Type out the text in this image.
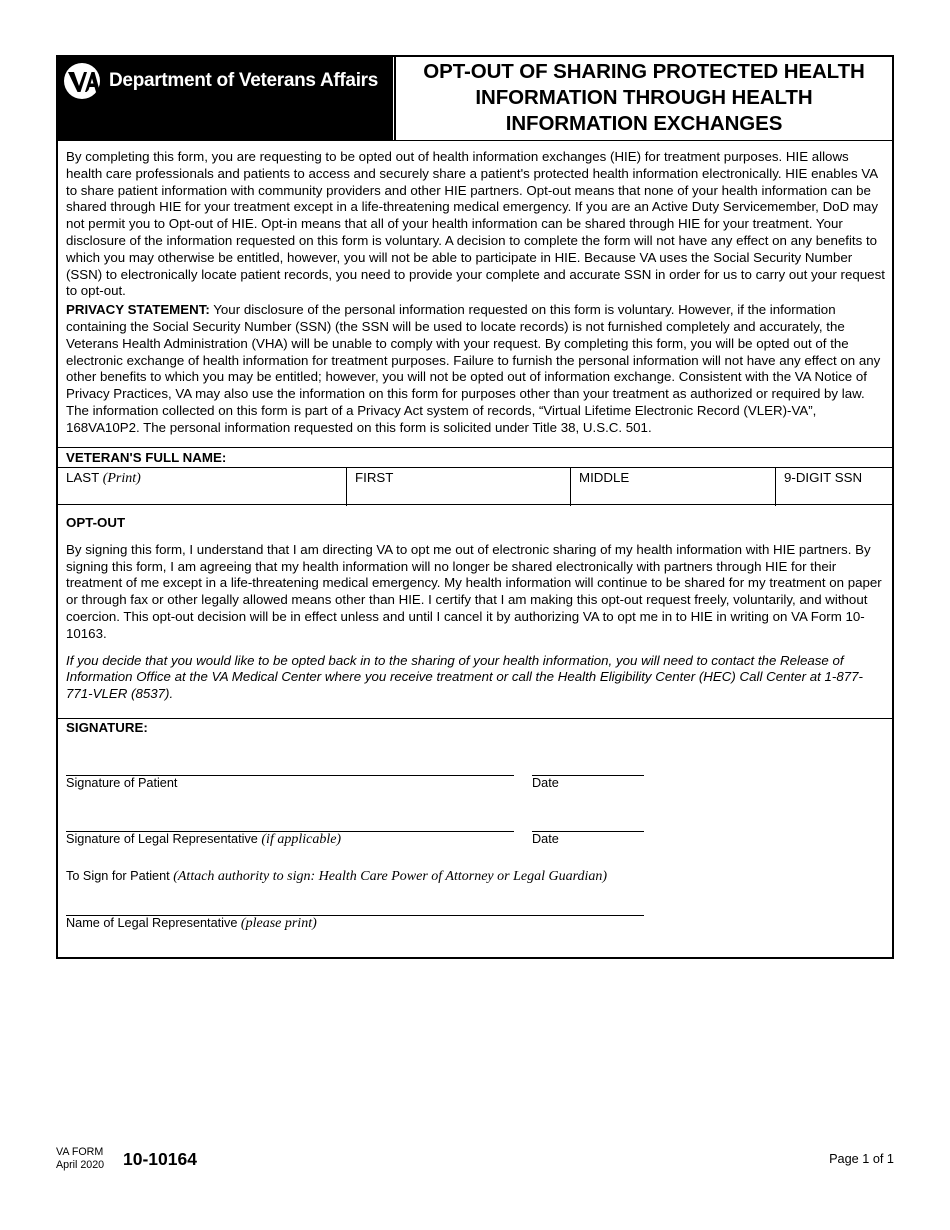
Department of Veterans Affairs	OPT-OUT OF SHARING PROTECTED HEALTH
INFORMATION THROUGH HEALTH
INFORMATION EXCHANGES

By completing this form, you are requesting to be opted out of health information exchanges (HIE) for treatment purposes. HIE allows health care professionals and patients to access and securely share a patient's protected health information electronically. HIE enables VA to share patient information with community providers and other HIE partners. Opt-out means that none of your health information can be shared through HIE for your treatment except in a life-threatening medical emergency. If you are an Active Duty Servicemember, DoD may not permit you to Opt-out of HIE. Opt-in means that all of your health information can be shared through HIE for your treatment. Your disclosure of the information requested on this form is voluntary. A decision to complete the form will not have any effect on any benefits to which you may otherwise be entitled, however, you will not be able to participate in HIE. Because VA uses the Social Security Number (SSN) to electronically locate patient records, you need to provide your complete and accurate SSN in order for us to carry out your request to opt-out.

PRIVACY STATEMENT: Your disclosure of the personal information requested on this form is voluntary. However, if the information containing the Social Security Number (SSN) (the SSN will be used to locate records) is not furnished completely and accurately, the Veterans Health Administration (VHA) will be unable to comply with your request. By completing this form, you will be opted out of the electronic exchange of health information for treatment purposes. Failure to furnish the personal information will not have any effect on any other benefits to which you may be entitled; however, you will not be opted out of information exchange. Consistent with the VA Notice of Privacy Practices, VA may also use the information on this form for purposes other than your treatment as authorized or required by law. The information collected on this form is part of a Privacy Act system of records, “Virtual Lifetime Electronic Record (VLER)-VA”, 168VA10P2. The personal information requested on this form is solicited under Title 38, U.S.C. 501.

VETERAN'S FULL NAME:
LAST (Print)	FIRST	MIDDLE	9-DIGIT SSN
OPT-OUT

By signing this form, I understand that I am directing VA to opt me out of electronic sharing of my health information with HIE partners. By signing this form, I am agreeing that my health information will no longer be shared electronically with partners through HIE for their treatment of me except in a life-threatening medical emergency. My health information will continue to be shared for my treatment on paper or through fax or other legally allowed means other than HIE. I certify that I am making this opt-out request freely, voluntarily, and without coercion. This opt-out decision will be in effect unless and until I cancel it by authorizing VA to opt me in to HIE in writing on VA Form 10-10163.

If you decide that you would like to be opted back in to the sharing of your health information, you will need to contact the Release of Information Office at the VA Medical Center where you receive treatment or call the Health Eligibility Center (HEC) Call Center at 1-877-771-VLER (8537).

SIGNATURE:
Signature of Patient	Date
Signature of Legal Representative (if applicable)	Date
To Sign for Patient (Attach authority to sign: Health Care Power of Attorney or Legal Guardian)
Name of Legal Representative (please print)
VA FORM
April 2020 10-10164	Page 1 of 1
